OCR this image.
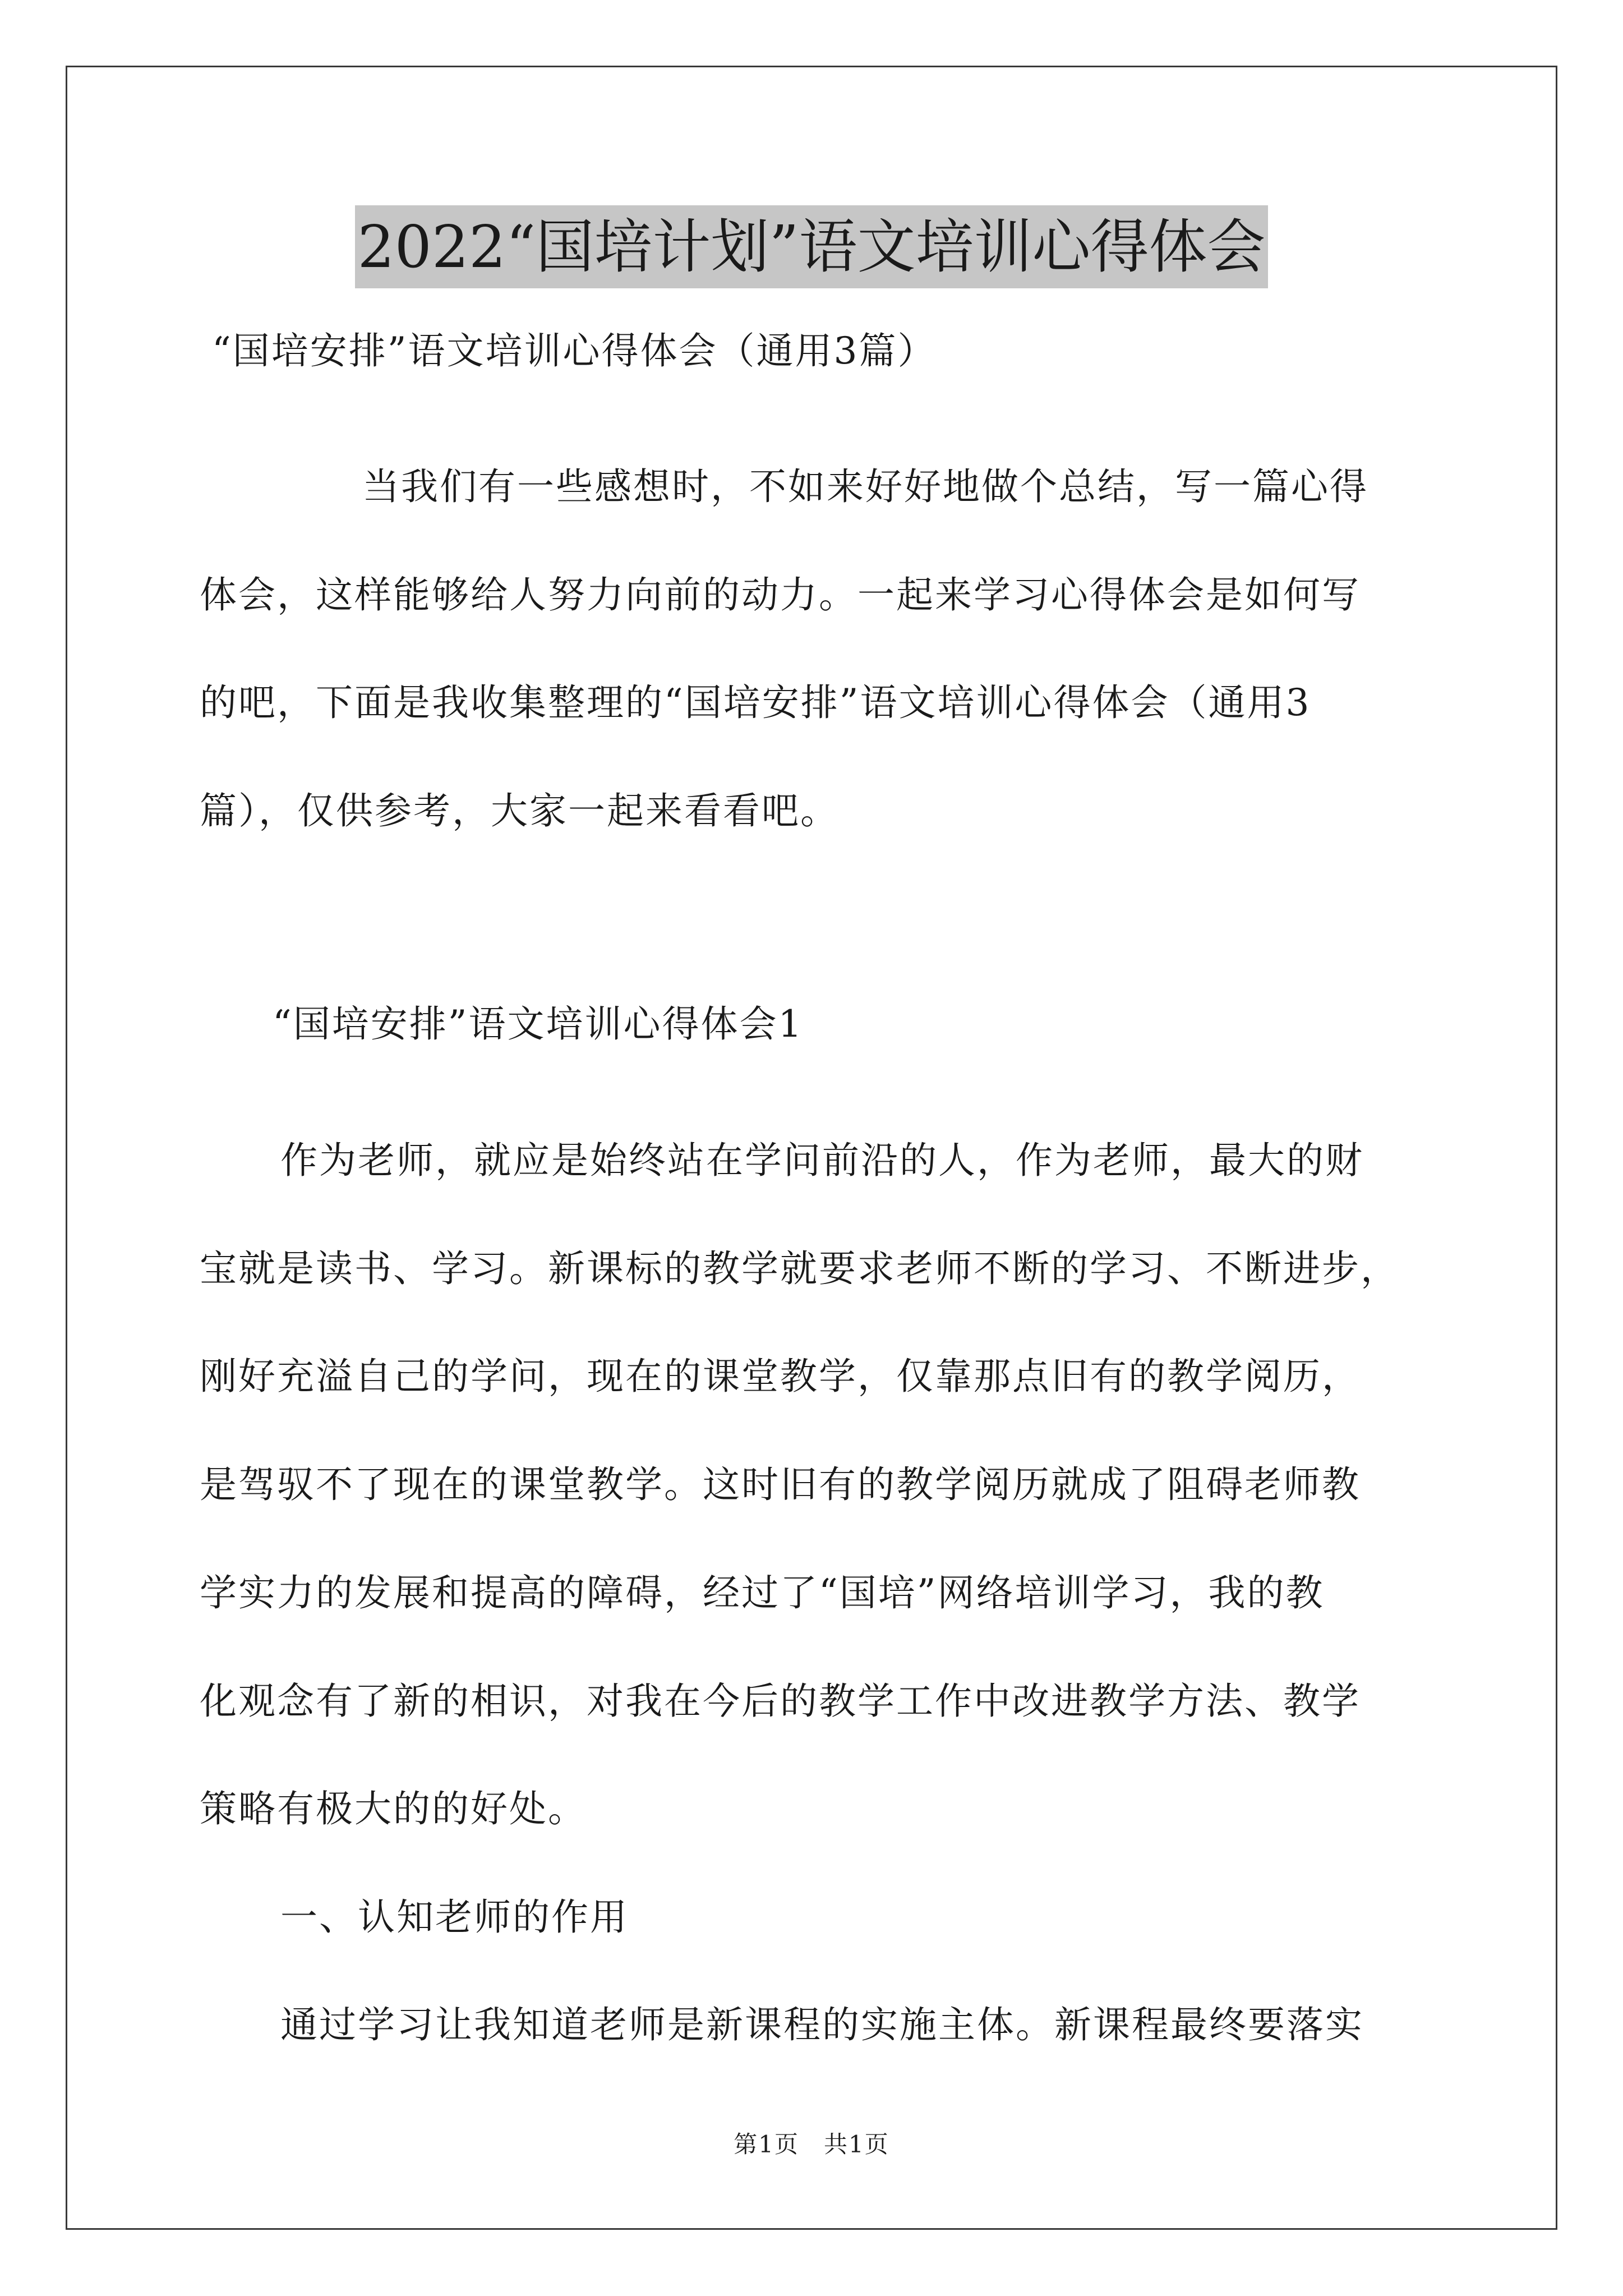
2022“国培计划”语文培训心得体会
“国培安排”语文培训心得体会（通用3篇）
当我们有一些感想时，不如来好好地做个总结，写一篇心得
体会，这样能够给人努力向前的动力。一起来学习心得体会是如何写
的吧，下面是我收集整理的“国培安排”语文培训心得体会（通用3
篇），仅供参考，大家一起来看看吧。
“国培安排”语文培训心得体会1
作为老师，就应是始终站在学问前沿的人，作为老师，最大的财
宝就是读书、学习。新课标的教学就要求老师不断的学习、不断进步，
刚好充溢自己的学问，现在的课堂教学，仅靠那点旧有的教学阅历，
是驾驭不了现在的课堂教学。这时旧有的教学阅历就成了阻碍老师教
学实力的发展和提高的障碍，经过了“国培”网络培训学习，我的教
化观念有了新的相识，对我在今后的教学工作中改进教学方法、教学
策略有极大的的好处。
一、认知老师的作用
通过学习让我知道老师是新课程的实施主体。新课程最终要落实
第1页　共1页
